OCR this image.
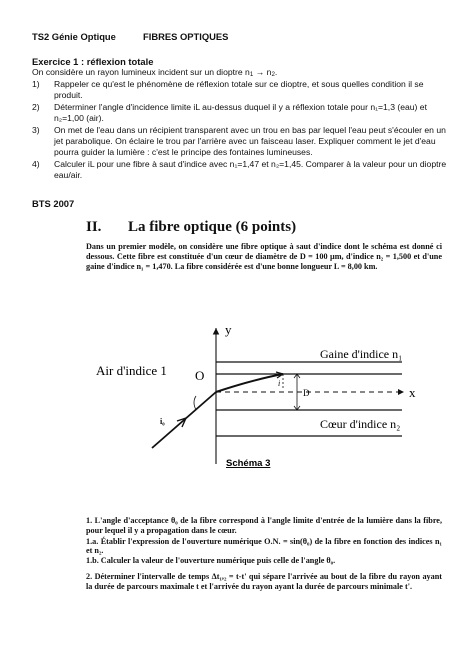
TS2 Génie Optique	FIBRES OPTIQUES
Exercice 1 : réflexion totale
On considère un rayon lumineux incident sur un dioptre $n_1 \to n_2$.
1) Rappeler ce qu'est le phénomène de réflexion totale sur ce dioptre, et sous quelles condition il se produit.
2) Déterminer l'angle d'incidence limite iL au-dessus duquel il y a réflexion totale pour n₁=1,3 (eau) et n₂=1,00 (air).
3) On met de l'eau dans un récipient transparent avec un trou en bas par lequel l'eau peut s'écouler en un jet parabolique. On éclaire le trou par l'arrière avec un faisceau laser. Expliquer comment le jet d'eau pourra guider la lumière : c'est le principe des fontaines lumineuses.
4) Calculer iL pour une fibre à saut d'indice avec n₁=1,47 et n₂=1,45. Comparer à la valeur pour un dioptre eau/air.
BTS 2007
II. La fibre optique (6 points)
Dans un premier modèle, on considère une fibre optique à saut d'indice dont le schéma est donné ci dessous. Cette fibre est constituée d'un cœur de diamètre de D = 100 µm, d'indice n₂ = 1,500 et d'une gaine d'indice n₁ = 1,470. La fibre considérée est d'une bonne longueur L = 8,00 km.
y
x
O
Air d'indice 1
Gaine d'indice n₁
Cœur d'indice n₂
D
i
i₀
Schéma 3
1. L'angle d'acceptance θ₀ de la fibre correspond à l'angle limite d'entrée de la lumière dans la fibre, pour lequel il y a propagation dans le cœur.
1.a. Établir l'expression de l'ouverture numérique O.N. = sin(θ₀) de la fibre en fonction des indices n₁ et n₂.
1.b. Calculer la valeur de l'ouverture numérique puis celle de l'angle θ₀.
2. Déterminer l'intervalle de temps Δt₁,₂ = t-t' qui sépare l'arrivée au bout de la fibre du rayon ayant la durée de parcours maximale t et l'arrivée du rayon ayant la durée de parcours minimale t'.
